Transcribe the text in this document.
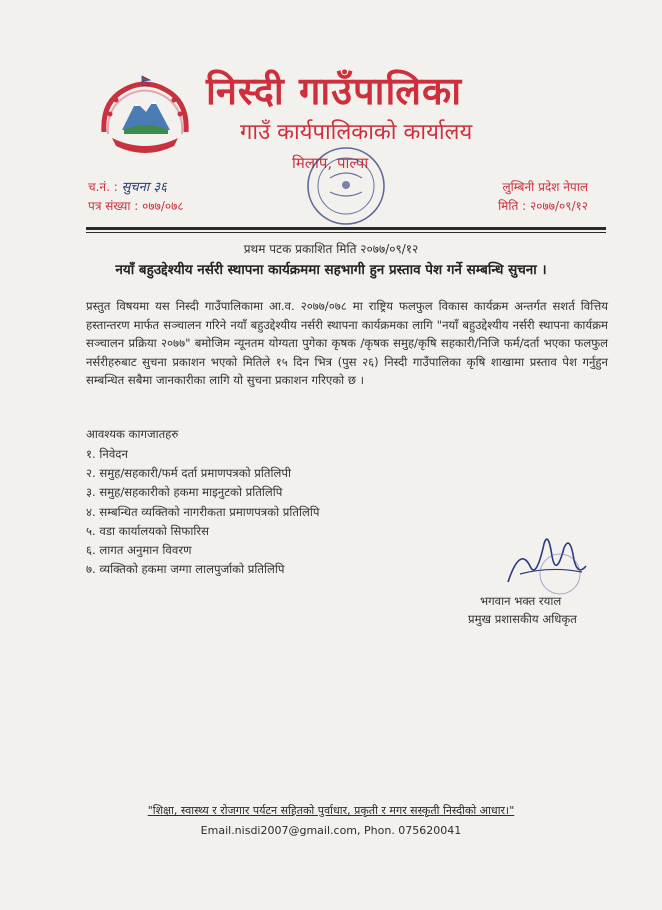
निस्दी गाउँपालिका
गाउँ कार्यपालिकाको कार्यालय
मिलाप, पाल्पा
च.नं. : सुचना ३६
पत्र संख्या : ०७७/०७८
लुम्बिनी प्रदेश नेपाल
मिति : २०७७/०९/१२
प्रथम पटक प्रकाशित मिति २०७७/०९/१२
नयाँ बहुउद्देश्यीय नर्सरी स्थापना कार्यक्रममा सहभागी हुन प्रस्ताव पेश गर्ने सम्बन्धि सुचना ।
प्रस्तुत विषयमा यस निस्दी गाउँपालिकामा आ.व. २०७७/०७८ मा राष्ट्रिय फलफुल विकास कार्यक्रम अन्तर्गत सशर्त वित्तिय हस्तान्तरण मार्फत सञ्चालन गरिने नयाँ बहुउद्देश्यीय नर्सरी स्थापना कार्यक्रमका लागि "नयाँ बहुउद्देश्यीय नर्सरी स्थापना कार्यक्रम सञ्चालन प्रक्रिया २०७७" बमोजिम न्यूनतम योग्यता पुगेका कृषक /कृषक समुह/कृषि सहकारी/निजि फर्म/दर्ता भएका फलफुल नर्सरीहरुबाट सुचना प्रकाशन भएको मितिले १५ दिन भित्र (पुस २६) निस्दी गाउँपालिका कृषि शाखामा प्रस्ताव पेश गर्नुहुन सम्बन्धित सबैमा जानकारीका लागि यो सुचना प्रकाशन गरिएको छ ।
आवश्यक कागजातहरु
१. निवेदन
२. समुह/सहकारी/फर्म दर्ता प्रमाणपत्रको प्रतिलिपी
३. समुह/सहकारीको हकमा माइनुटको प्रतिलिपि
४. सम्बन्धित व्यक्तिको नागरीकता प्रमाणपत्रको प्रतिलिपि
५. वडा कार्यालयको सिफारिस
६. लागत अनुमान विवरण
७. व्यक्तिको हकमा जग्गा लालपुर्जाको प्रतिलिपि
भगवान भक्त रयाल
प्रमुख प्रशासकीय अधिकृत
"शिक्षा, स्वास्थ्य र रोजगार पर्यटन सहितको पुर्वाधार, प्रकृती र मगर सस्कृती निस्दीको आधार।"
Email.nisdi2007@gmail.com, Phon. 075620041
